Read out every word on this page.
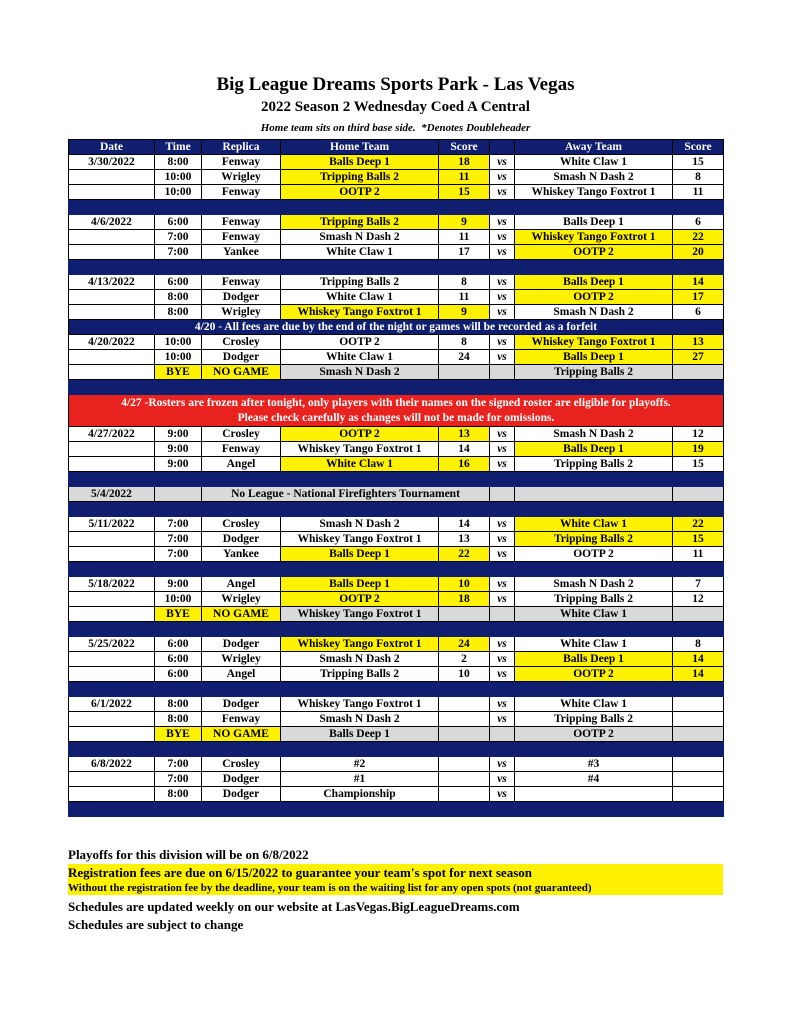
Big League Dreams Sports Park - Las Vegas
2022 Season 2 Wednesday Coed A Central
Home team sits on third base side. *Denotes Doubleheader
Date	Time	Replica	Home Team	Score		Away Team	Score
3/30/2022	8:00	Fenway	Balls Deep 1	18	vs	White Claw 1	15
	10:00	Wrigley	Tripping Balls 2	11	vs	Smash N Dash 2	8
	10:00	Fenway	OOTP 2	15	vs	Whiskey Tango Foxtrot 1	11

4/6/2022	6:00	Fenway	Tripping Balls 2	9	vs	Balls Deep 1	6
	7:00	Fenway	Smash N Dash 2	11	vs	Whiskey Tango Foxtrot 1	22
	7:00	Yankee	White Claw 1	17	vs	OOTP 2	20

4/13/2022	6:00	Fenway	Tripping Balls 2	8	vs	Balls Deep 1	14
	8:00	Dodger	White Claw 1	11	vs	OOTP 2	17
	8:00	Wrigley	Whiskey Tango Foxtrot 1	9	vs	Smash N Dash 2	6
4/20 - All fees are due by the end of the night or games will be recorded as a forfeit							
4/20/2022	10:00	Crosley	OOTP 2	8	vs	Whiskey Tango Foxtrot 1	13
	10:00	Dodger	White Claw 1	24	vs	Balls Deep 1	27
	BYE	NO GAME	Smash N Dash 2			Tripping Balls 2	

4/27 -Rosters are frozen after tonight, only players with their names on the signed roster are eligible for playoffs.
Please check carefully as changes will not be made for omissions.							

4/27/2022	9:00	Crosley	OOTP 2	13	vs	Smash N Dash 2	12
	9:00	Fenway	Whiskey Tango Foxtrot 1	14	vs	Balls Deep 1	19
	9:00	Angel	White Claw 1	16	vs	Tripping Balls 2	15

5/4/2022		No League - National Firefighters Tournament					

5/11/2022	7:00	Crosley	Smash N Dash 2	14	vs	White Claw 1	22
	7:00	Dodger	Whiskey Tango Foxtrot 1	13	vs	Tripping Balls 2	15
	7:00	Yankee	Balls Deep 1	22	vs	OOTP 2	11

5/18/2022	9:00	Angel	Balls Deep 1	10	vs	Smash N Dash 2	7
	10:00	Wrigley	OOTP 2	18	vs	Tripping Balls 2	12
	BYE	NO GAME	Whiskey Tango Foxtrot 1			White Claw 1	

5/25/2022	6:00	Dodger	Whiskey Tango Foxtrot 1	24	vs	White Claw 1	8
	6:00	Wrigley	Smash N Dash 2	2	vs	Balls Deep 1	14
	6:00	Angel	Tripping Balls 2	10	vs	OOTP 2	14

6/1/2022	8:00	Dodger	Whiskey Tango Foxtrot 1		vs	White Claw 1	
	8:00	Fenway	Smash N Dash 2		vs	Tripping Balls 2	
	BYE	NO GAME	Balls Deep 1			OOTP 2	

6/8/2022	7:00	Crosley	#2		vs	#3	
	7:00	Dodger	#1		vs	#4	
	8:00	Dodger	Championship		vs		

Playoffs for this division will be on 6/8/2022
Registration fees are due on 6/15/2022 to guarantee your team's spot for next season
Without the registration fee by the deadline, your team is on the waiting list for any open spots (not guaranteed)
Schedules are updated weekly on our website at LasVegas.BigLeagueDreams.com
Schedules are subject to change
